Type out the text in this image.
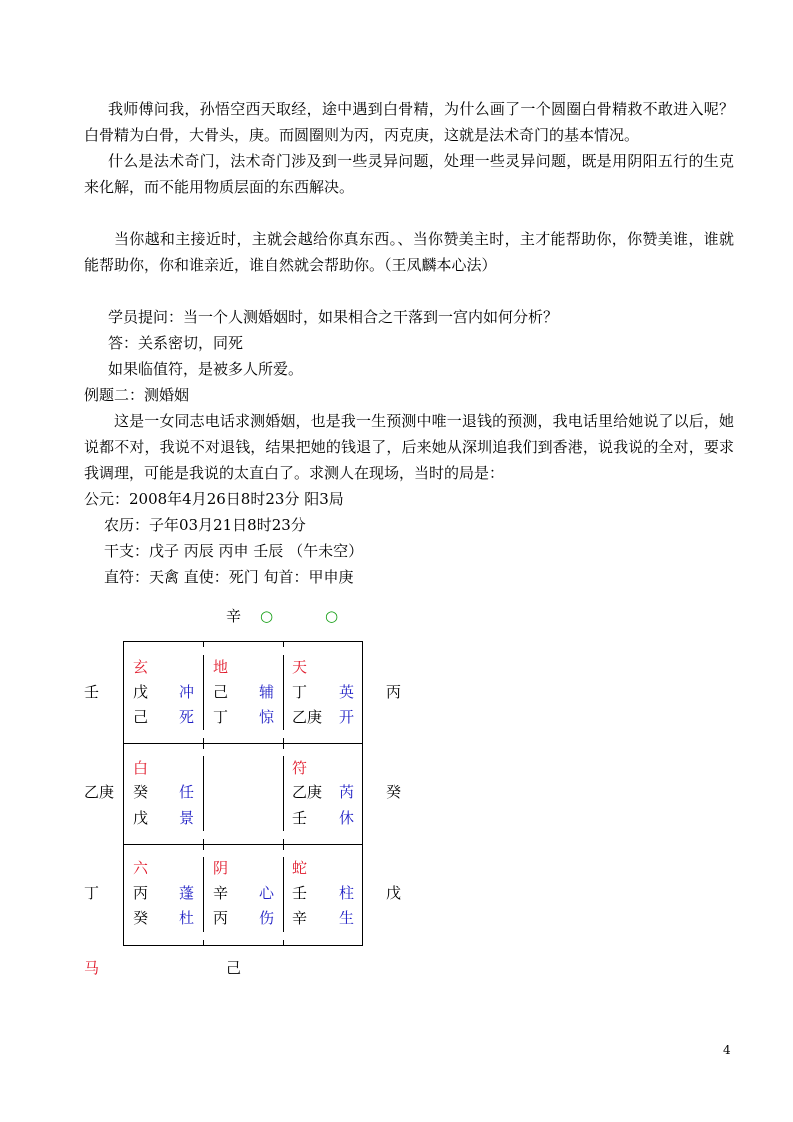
我师傅问我，孙悟空西天取经，途中遇到白骨精，为什么画了一个圆圈白骨精救不敢进入呢？白骨精为白骨，大骨头，庚。而圆圈则为丙，丙克庚，这就是法术奇门的基本情况。

什么是法术奇门，法术奇门涉及到一些灵异问题，处理一些灵异问题，既是用阴阳五行的生克 来化解，而不能用物质层面的东西解决。

当你越和主接近时，主就会越给你真东西。、当你赞美主时，主才能帮助你，你赞美谁，谁就能帮助你，你和谁亲近，谁自然就会帮助你。（王凤麟本心法）

学员提问：当一个人测婚姻时，如果相合之干落到一宫内如何分析？

答：关系密切，同死

如果临值符，是被多人所爱。

例题二：测婚姻

这是一女同志电话求测婚姻，也是我一生预测中唯一退钱的预测，我电话里给她说了以后，她说都不对，我说不对退钱，结果把她的钱退了，后来她从深圳追我们到香港，说我说的全对，要求我调理，可能是我说的太直白了。求测人在现场，当时的局是：

公元：2008年4月26日8时23分 阳3局

农历：子年03月21日8时23分

干支：戊子 丙辰 丙申 壬辰 （午未空）

直符：天禽 直使：死门 旬首：甲申庚

辛 ○	○
壬
乙庚
丁
丙
癸
戊
马	己
玄
戊 冲
己 死
地
己 辅
丁 惊
天
丁 英
乙庚 开
白
癸 任
戊 景
符
乙庚 芮
壬 休
六
丙 蓬
癸 杜
阴
辛 心
丙 伤
蛇
壬 柱
辛 生
4
